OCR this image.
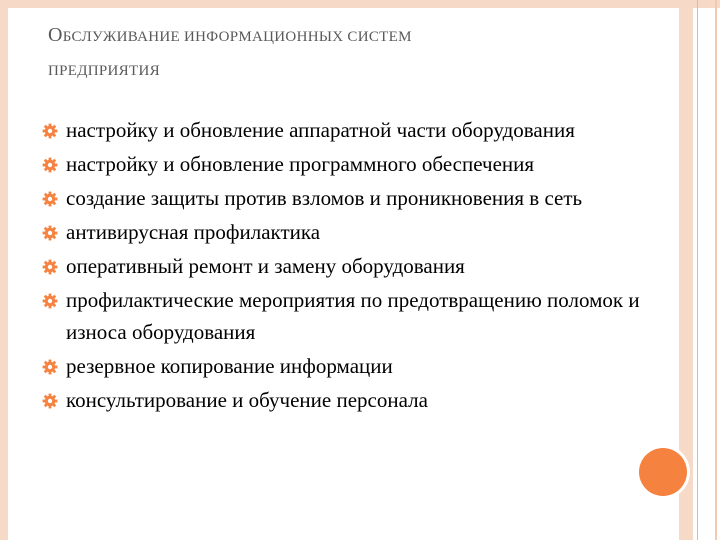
ОБСЛУЖИВАНИЕ ИНФОРМАЦИОННЫХ СИСТЕМ
ПРЕДПРИЯТИЯ
настройку и обновление аппаратной части оборудования
настройку и обновление программного обеспечения
создание защиты против взломов и проникновения в сеть
антивирусная профилактика
оперативный ремонт и замену оборудования
профилактические мероприятия по предотвращению поломок и износа оборудования
резервное копирование информации
консультирование и обучение персонала
